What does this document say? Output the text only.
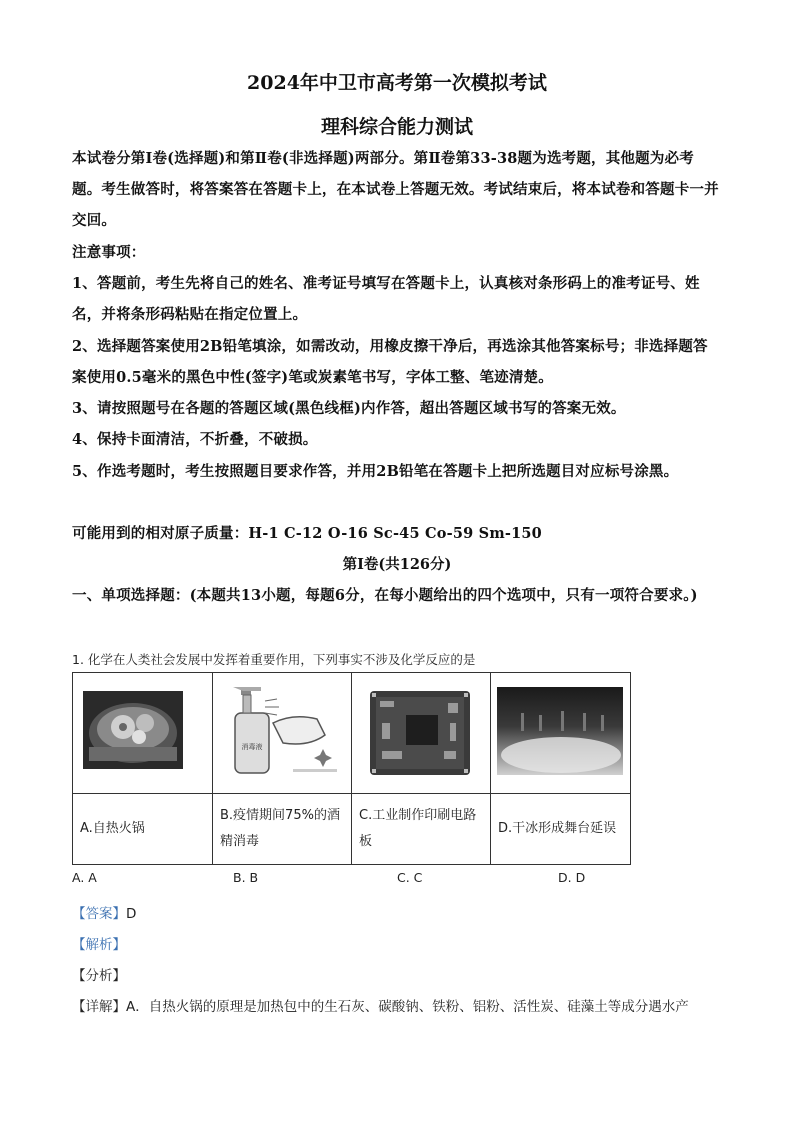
2024年中卫市高考第一次模拟考试
理科综合能力测试
本试卷分第Ⅰ卷(选择题)和第Ⅱ卷(非选择题)两部分。第Ⅱ卷第33-38题为选考题，其他题为必考题。考生做答时，将答案答在答题卡上，在本试卷上答题无效。考试结束后，将本试卷和答题卡一并交回。
注意事项：
1、答题前，考生先将自己的姓名、准考证号填写在答题卡上，认真核对条形码上的准考证号、姓名，并将条形码粘贴在指定位置上。
2、选择题答案使用2B铅笔填涂，如需改动，用橡皮擦干净后，再选涂其他答案标号；非选择题答案使用0.5毫米的黑色中性(签字)笔或炭素笔书写，字体工整、笔迹清楚。
3、请按照题号在各题的答题区域(黑色线框)内作答，超出答题区域书写的答案无效。
4、保持卡面清洁，不折叠，不破损。
5、作选考题时，考生按照题目要求作答，并用2B铅笔在答题卡上把所选题目对应标号涂黑。
可能用到的相对原子质量：H-1 C-12 O-16 Sc-45 Co-59 Sm-150
第Ⅰ卷(共126分)
一、单项选择题：(本题共13小题，每题6分，在每小题给出的四个选项中，只有一项符合要求。)
1. 化学在人类社会发展中发挥着重要作用，下列事实不涉及化学反应的是

消毒液

A.自热火锅	B.疫情期间75%的酒精消毒	C.工业制作印刷电路板	D.干冰形成舞台延误
A. A	B. B	C. C	D. D
【答案】D
【解析】
【分析】
【详解】A．自热火锅的原理是加热包中的生石灰、碳酸钠、铁粉、铝粉、活性炭、硅藻土等成分遇水产
